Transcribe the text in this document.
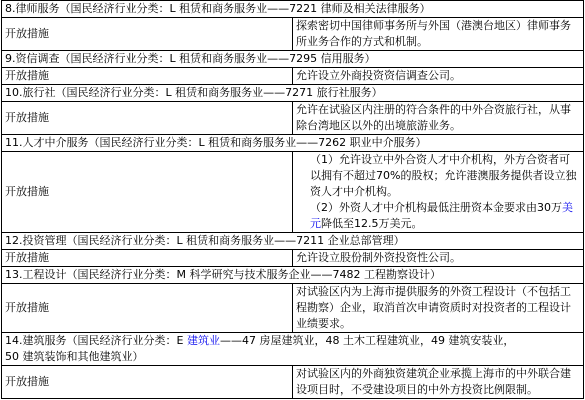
8.律师服务（国民经济行业分类：L 租赁和商务服务业——7221 律师及相关法律服务）	
开放措施	探索密切中国律师事务所与外国（港澳台地区）律师事务所业务合作的方式和机制。
9.资信调查（国民经济行业分类：L 租赁和商务服务业——7295 信用服务）	
开放措施	允许设立外商投资资信调查公司。
10.旅行社（国民经济行业分类：L 租赁和商务服务业——7271 旅行社服务）	
开放措施	允许在试验区内注册的符合条件的中外合资旅行社，从事除台湾地区以外的出境旅游业务。
11.人才中介服务（国民经济行业分类：L 租赁和商务服务业——7262 职业中介服务）	
开放措施	（1）允许设立中外合资人才中介机构，外方合资者可以拥有不超过70%的股权；允许港澳服务提供者设立独资人才中介机构。
（2）外资人才中介机构最低注册资本金要求由30万美元降低至12.5万美元。

12.投资管理（国民经济行业分类：L 租赁和商务服务业——7211 企业总部管理）	
开放措施	允许设立股份制外资投资性公司。
13.工程设计（国民经济行业分类：M 科学研究与技术服务企业——7482 工程勘察设计）	
开放措施	对试验区内为上海市提供服务的外资工程设计（不包括工程勘察）企业，取消首次申请资质时对投资者的工程设计业绩要求。
14.建筑服务（国民经济行业分类：E 建筑业——47 房屋建筑业，48 土木工程建筑业，49 建筑安装业，
50 建筑装饰和其他建筑业）	
开放措施	对试验区内的外商独资建筑企业承揽上海市的中外联合建设项目时，不受建设项目的中外方投资比例限制。
